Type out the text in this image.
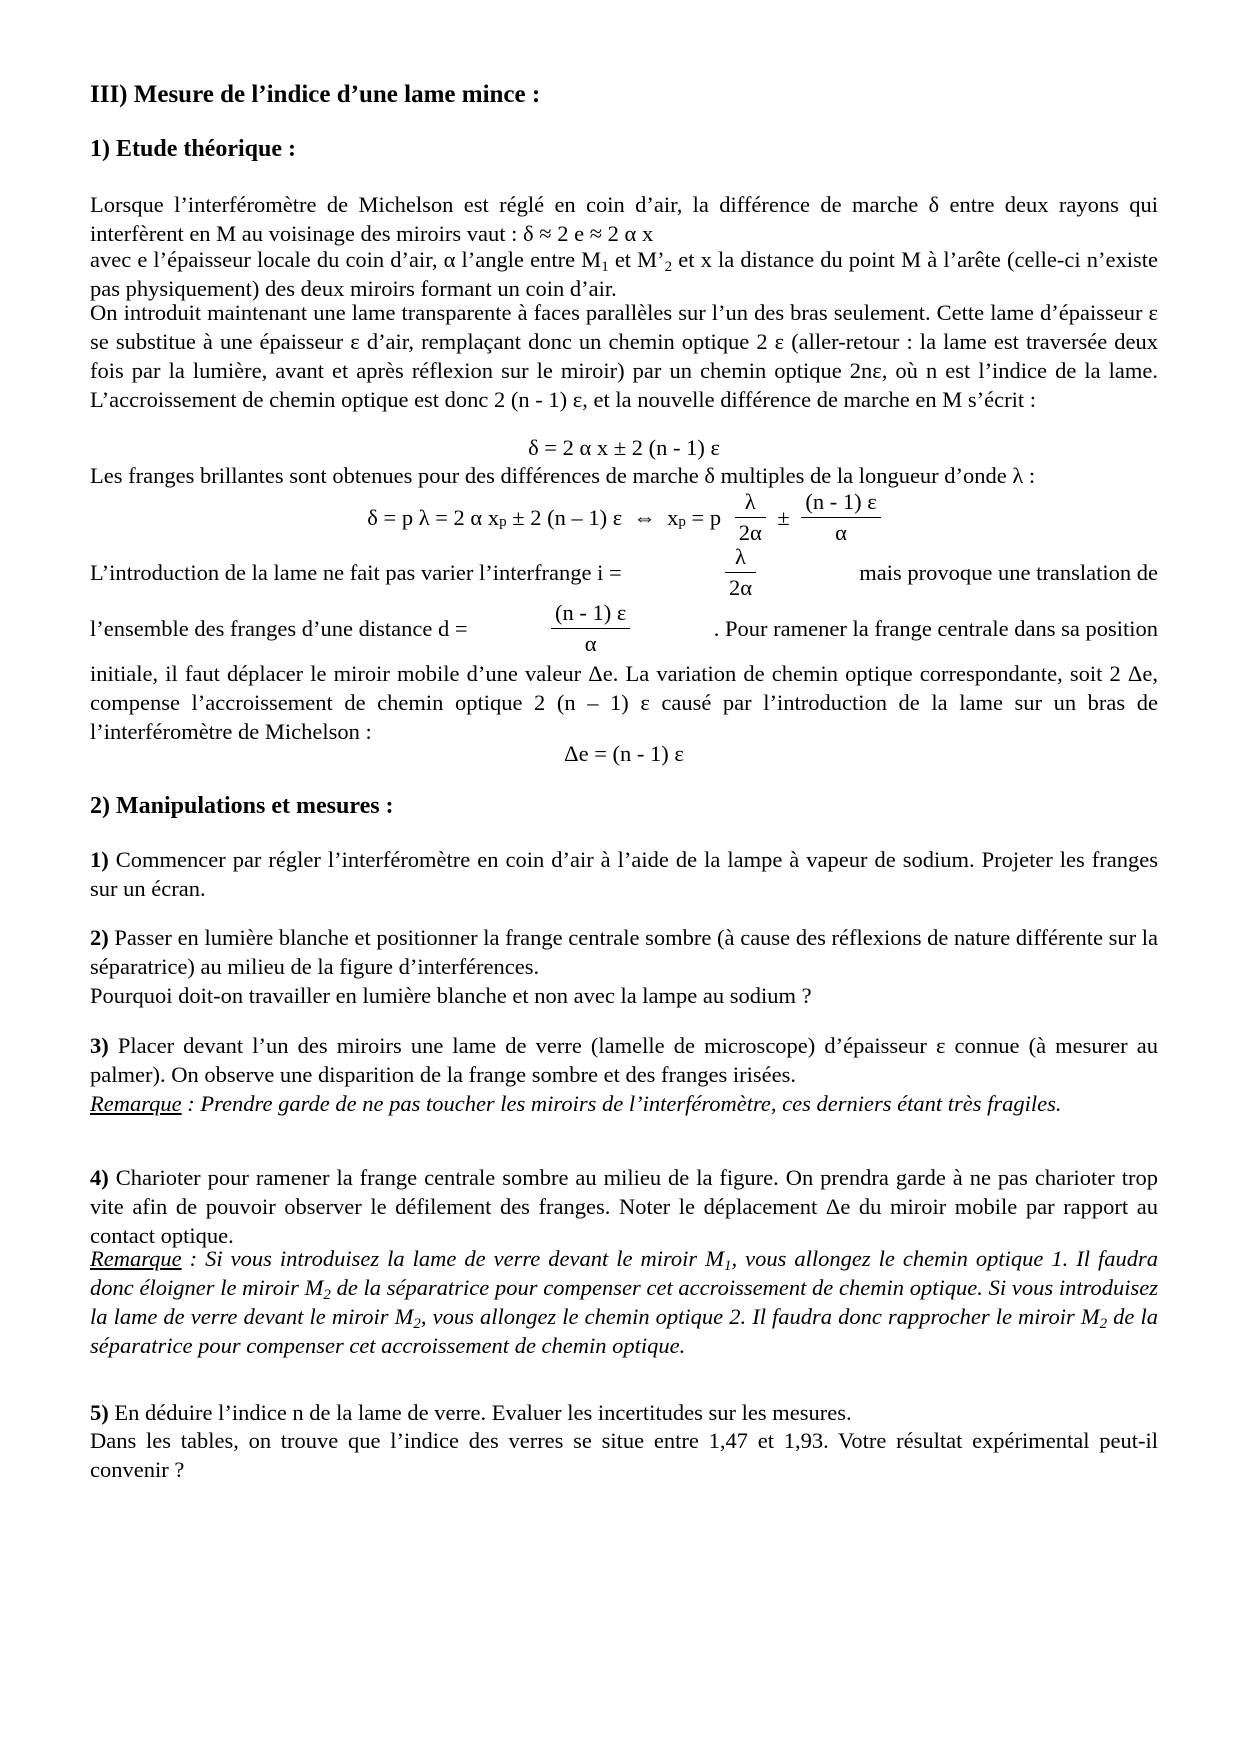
III) Mesure de l’indice d’une lame mince :
1) Etude théorique :

Lorsque l’interféromètre de Michelson est réglé en coin d’air, la différence de marche δ entre deux rayons qui interfèrent en M au voisinage des miroirs vaut : δ ≈ 2 e ≈ 2 α x

avec e l’épaisseur locale du coin d’air, α l’angle entre $M_1$ et $M’_2$ et x la distance du point M à l’arête (celle-ci n’existe pas physiquement) des deux miroirs formant un coin d’air.

On introduit maintenant une lame transparente à faces parallèles sur l’un des bras seulement. Cette lame d’épaisseur ε se substitue à une épaisseur ε d’air, remplaçant donc un chemin optique 2 ε (aller-retour : la lame est traversée deux fois par la lumière, avant et après réflexion sur le miroir) par un chemin optique 2nε, où n est l’indice de la lame. L’accroissement de chemin optique est donc 2 (n - 1) ε, et la nouvelle différence de marche en M s’écrit :

δ = 2 α x ± 2 (n - 1) ε

Les franges brillantes sont obtenues pour des différences de marche δ multiples de la longueur d’onde λ :

δ = p λ = 2 α xp ± 2 (n – 1) ε  ⇔  xp = p $\frac{\lambda}{2\alpha} \pm \frac{(n - 1) \varepsilon}{\alpha}$
L’introduction de la lame ne fait pas varier l’interfrange i =	$\frac{\lambda}{2\alpha}$	mais provoque une translation de
l’ensemble des franges d’une distance d =	$\frac{(n - 1) \varepsilon}{\alpha}$	. Pour ramener la frange centrale dans sa position

initiale, il faut déplacer le miroir mobile d’une valeur Δe. La variation de chemin optique correspondante, soit 2 Δe, compense l’accroissement de chemin optique 2 (n – 1) ε causé par l’introduction de la lame sur un bras de l’interféromètre de Michelson :

Δe = (n - 1) ε
2) Manipulations et mesures :

1) Commencer par régler l’interféromètre en coin d’air à l’aide de la lampe à vapeur de sodium. Projeter les franges sur un écran.

2) Passer en lumière blanche et positionner la frange centrale sombre (à cause des réflexions de nature différente sur la séparatrice) au milieu de la figure d’interférences.

Pourquoi doit-on travailler en lumière blanche et non avec la lampe au sodium ?

3) Placer devant l’un des miroirs une lame de verre (lamelle de microscope) d’épaisseur ε connue (à mesurer au palmer). On observe une disparition de la frange sombre et des franges irisées.

Remarque : Prendre garde de ne pas toucher les miroirs de l’interféromètre, ces derniers étant très fragiles.

4) Charioter pour ramener la frange centrale sombre au milieu de la figure. On prendra garde à ne pas charioter trop vite afin de pouvoir observer le défilement des franges. Noter le déplacement Δe du miroir mobile par rapport au contact optique.

Remarque : Si vous introduisez la lame de verre devant le miroir $M_1$, vous allongez le chemin optique 1. Il faudra donc éloigner le miroir $M_2$ de la séparatrice pour compenser cet accroissement de chemin optique. Si vous introduisez la lame de verre devant le miroir $M_2$, vous allongez le chemin optique 2. Il faudra donc rapprocher le miroir $M_2$ de la séparatrice pour compenser cet accroissement de chemin optique.

5) En déduire l’indice n de la lame de verre. Evaluer les incertitudes sur les mesures.

Dans les tables, on trouve que l’indice des verres se situe entre 1,47 et 1,93. Votre résultat expérimental peut-il convenir ?
